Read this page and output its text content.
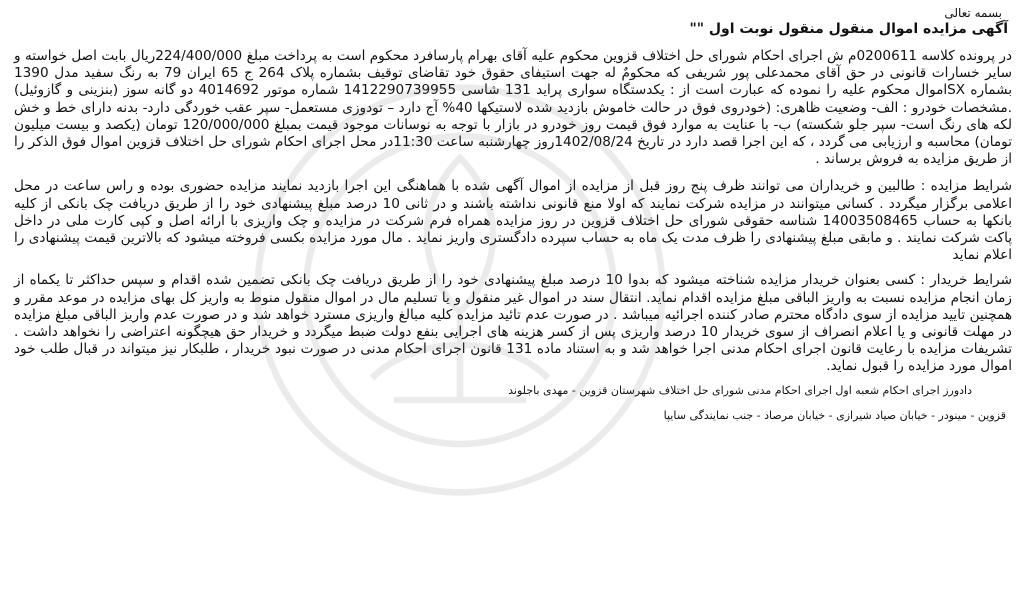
بسمه تعالی
آگهی مزایده اموال منقول منقول نوبت اول ""

در پرونده کلاسه 0200611م ش اجرای احکام شورای حل اختلاف قزوین محکوم علیه آقای بهرام پارسافرد محکوم است به پرداخت مبلغ 224/400/000ریال بابت اصل خواسته و سایر خسارات قانونی در حق آقای محمدعلی پور شریفی که محکومٌ له جهت استیفای حقوق خود تقاضای توقیف بشماره پلاک 264 ج 65 ایران 79 به رنگ سفید مدل 1390 بشماره SXاموال محکوم علیه را نموده که عبارت است از : یکدستگاه سواری پراید 131 شاسی 1412290739955 شماره موتور 4014692 دو گانه سوز (بنزینی و گازوئیل) .مشخصات خودرو : الف- وضعیت ظاهری: (خودروی فوق در حالت خاموش بازدید شده لاستیکها 40% آج دارد – تودوزی مستعمل- سپر عقب خوردگی دارد- بدنه دارای خط و خش لکه های رنگ است- سپر جلو شکسته) ب- با عنایت به موارد فوق قیمت روز خودرو در بازار با توجه به نوسانات موجود قیمت بمبلغ 120/000/000 تومان (یکصد و بیست میلیون تومان) محاسبه و ارزیابی می گردد ، که این اجرا قصد دارد در تاریخ 1402/08/24روز چهارشنبه ساعت 11:30در محل اجرای احکام شورای حل اختلاف قزوین اموال فوق الذکر را از طریق مزایده به فروش برساند .

شرایط مزایده : طالبین و خریداران می توانند ظرف پنج روز قبل از مزایده از اموال آگهی شده با هماهنگی این اجرا بازدید نمایند مزایده حضوری بوده و راس ساعت در محل اعلامی برگزار میگردد . کسانی میتوانند در مزایده شرکت نمایند که اولا منع قانونی نداشته باشند و در ثانی 10 درصد مبلغ پیشنهادی خود را از طریق دریافت چک بانکی از کلیه بانکها به حساب 14003508465 شناسه حقوقی شورای حل اختلاف قزوین در روز مزایده همراه فرم شرکت در مزایده و چک واریزی با ارائه اصل و کپی کارت ملی در داخل پاکت شرکت نمایند . و مابقی مبلغ پیشنهادی را ظرف مدت یک ماه به حساب سپرده دادگستری واریز نماید . مال مورد مزایده بکسی فروخته میشود که بالاترین قیمت پیشنهادی را اعلام نماید

شرایط خریدار : کسی بعنوان خریدار مزایده شناخته میشود که بدوا 10 درصد مبلغ پیشنهادی خود را از طریق دریافت چک بانکی تضمین شده اقدام و سپس حداکثر تا یکماه از زمان انجام مزایده نسبت به واریز الباقی مبلغ مزایده اقدام نماید. انتقال سند در اموال غیر منقول و یا تسلیم مال در اموال منقول منوط به واریز کل بهای مزایده در موعد مقرر و همچنین تایید مزایده از سوی دادگاه محترم صادر کننده اجرائیه میباشد . در صورت عدم تائید مزایده کلیه مبالغ واریزی مسترد خواهد شد و در صورت عدم واریز الباقی مبلغ مزایده در مهلت قانونی و یا اعلام انصراف از سوی خریدار 10 درصد واریزی پس از کسر هزینه های اجرایی بنفع دولت ضبط میگردد و خریدار حق هیچگونه اعتراضی را نخواهد داشت . تشریفات مزایده با رعایت قانون اجرای احکام مدنی اجرا خواهد شد و به استناد ماده 131 قانون اجرای احکام مدنی در صورت نبود خریدار ، طلبکار نیز میتواند در قبال طلب خود اموال مورد مزایده را قبول نماید.

دادورز اجرای احکام شعبه اول اجرای احکام مدنی شورای حل اختلاف شهرستان قزوین - مهدی باجلوند
قزوین - مینودر - خیابان صیاد شیرازی - خیابان مرصاد - جنب نمایندگی سایپا
